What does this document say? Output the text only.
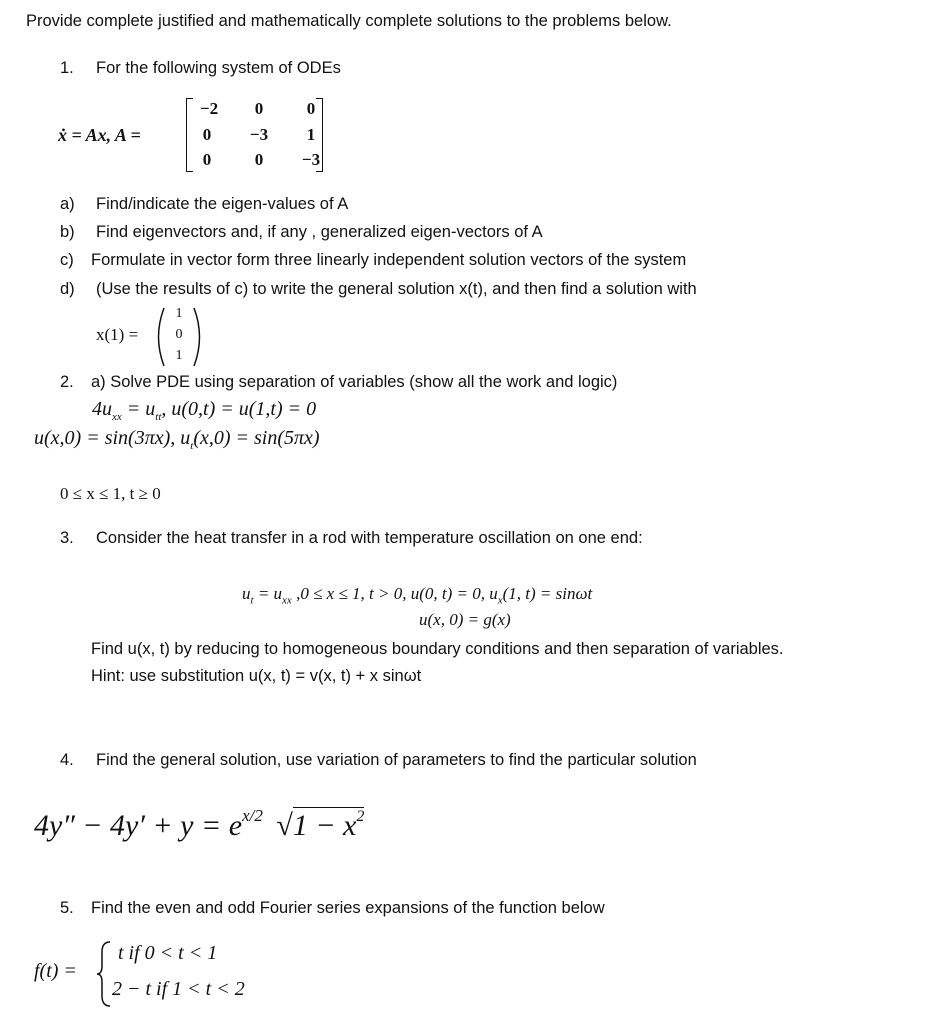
Provide complete justified and mathematically complete solutions to the problems below.
1. For the following system of ODEs
ẋ = Ax, A =
−2	0	0
0	−3	1
0	0	−3
a) Find/indicate the eigen-values of A
b) Find eigenvectors and, if any , generalized eigen-vectors of A
c) Formulate in vector form three linearly independent solution vectors of the system
d) (Use the results of c) to write the general solution x(t), and then find a solution with
x(1) =
1
0
1
2. a) Solve PDE using separation of variables (show all the work and logic)
$4u_{xx} = u_{tt}$, u(0,t) = u(1,t) = 0
u(x,0) = sin(3πx), $u_t(x,0) = \sin(5\pi x)$
0 ≤ x ≤ 1, t ≥ 0
3. Consider the heat transfer in a rod with temperature oscillation on one end:
$u_t = u_{xx}$ ,0 ≤ x ≤ 1, t > 0, u(0, t) = 0, $u_x(1$, t) = sinωt
u(x, 0) = g(x)
Find u(x, t) by reducing to homogeneous boundary conditions and then separation of variables.
Hint: use substitution u(x, t) = v(x, t) + x sinωt
4. Find the general solution, use variation of parameters to find the particular solution
$4y'' - 4y' + y = e^{x/2}$ $√1 - x^2$
5. Find the even and odd Fourier series expansions of the function below
f(t) =
t if 0 < t < 1
2 − t if 1 < t < 2
